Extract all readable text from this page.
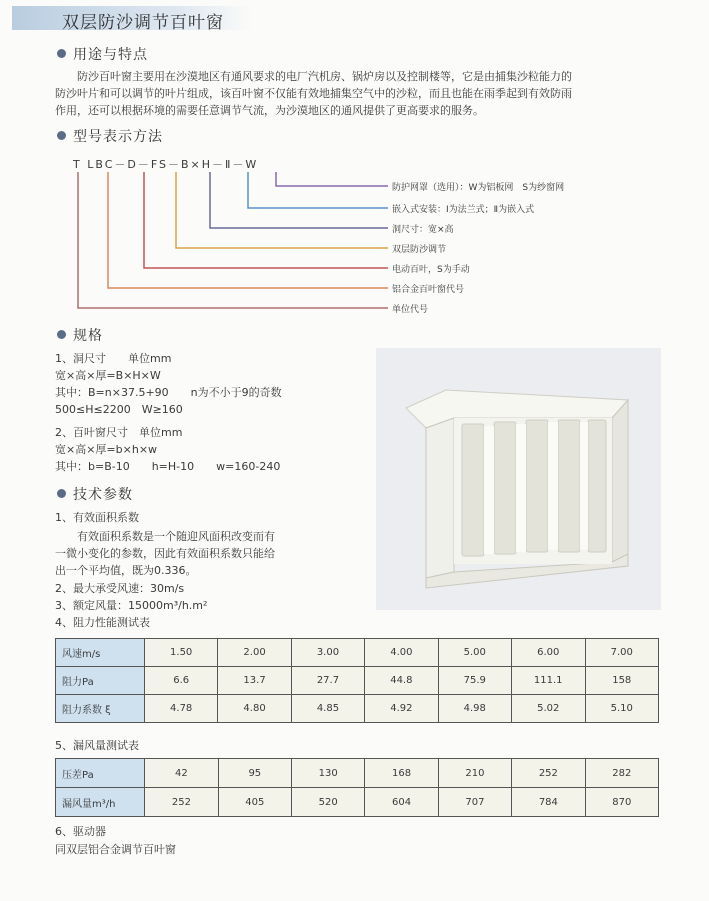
双层防沙调节百叶窗
用途与特点
防沙百叶窗主要用在沙漠地区有通风要求的电厂汽机房、锅炉房以及控制楼等，它是由捕集沙粒能力的
防沙叶片和可以调节的叶片组成，该百叶窗不仅能有效地捕集空气中的沙粒，而且也能在雨季起到有效防雨
作用，还可以根据环境的需要任意调节气流，为沙漠地区的通风提供了更高要求的服务。
型号表示方法
T LBC－D－FS－B×H－Ⅱ－W
防护网罩（选用）：W为铝板网　S为纱窗网
嵌入式安装：Ⅰ为法兰式；Ⅱ为嵌入式
洞尺寸：宽×高
双层防沙调节
电动百叶，S为手动
铝合金百叶窗代号
单位代号
规格
1、洞尺寸　　单位mm
宽×高×厚=B×H×W
其中：B=n×37.5+90　　n为不小于9的奇数
500≤H≤2200　W≥160
2、百叶窗尺寸　单位mm
宽×高×厚=b×h×w
其中：b=B-10　　h=H-10　　w=160-240
技术参数
1、有效面积系数
　　有效面积系数是一个随迎风面积改变而有
一微小变化的参数，因此有效面积系数只能给
出一个平均值，既为0.336。
2、最大承受风速：30m/s
3、额定风量：15000m³/h.m²
4、阻力性能测试表
风速m/s	1.50	2.00	3.00	4.00	5.00	6.00	7.00
阻力Pa	6.6	13.7	27.7	44.8	75.9	111.1	158
阻力系数 ξ	4.78	4.80	4.85	4.92	4.98	5.02	5.10
5、漏风量测试表
压差Pa	42	95	130	168	210	252	282
漏风量m³/h	252	405	520	604	707	784	870
6、驱动器
同双层铝合金调节百叶窗
